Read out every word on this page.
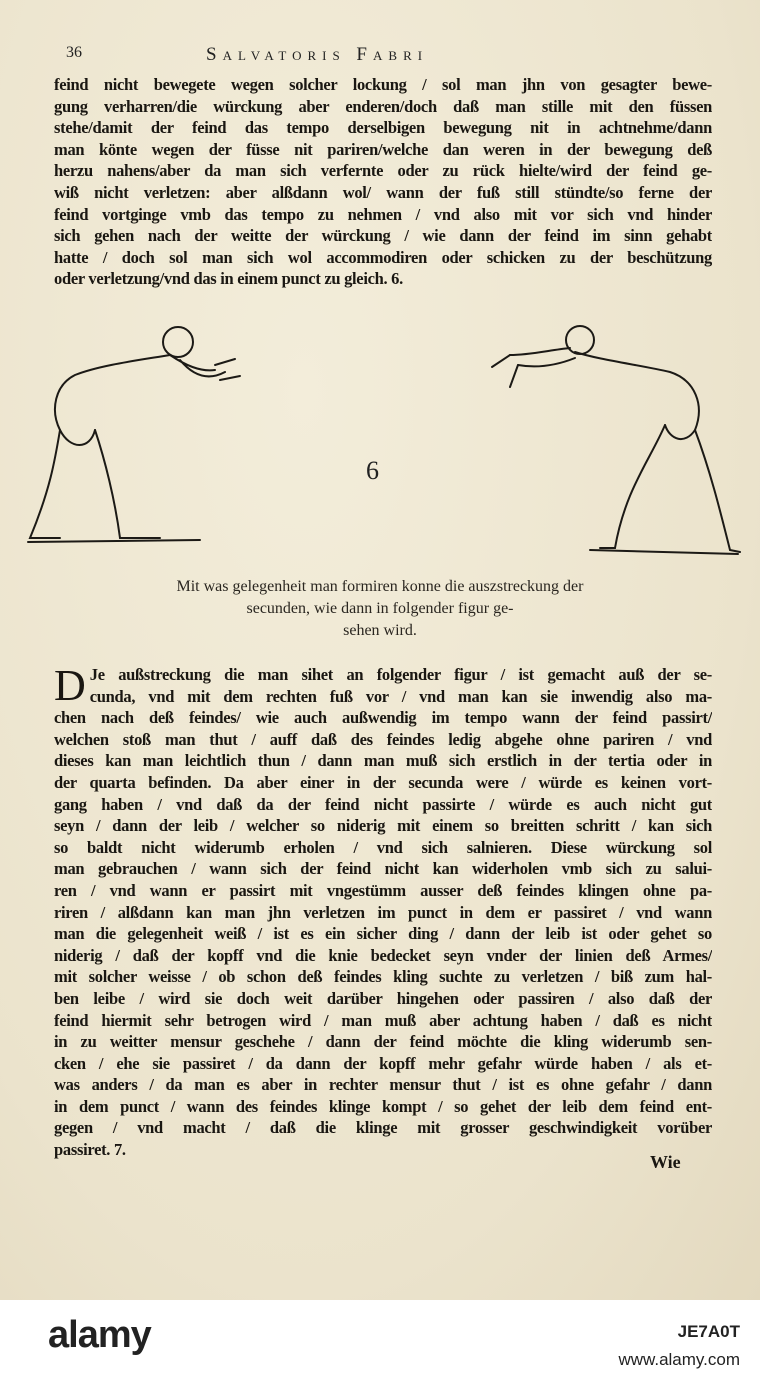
36	Salvatoris Fabri
feind nicht bewegete wegen solcher lockung / sol man jhn von gesagter bewe-
gung verharren/die würckung aber enderen/doch daß man stille mit den füssen
stehe/damit der feind das tempo derselbigen bewegung nit in achtnehme/dann
man könte wegen der füsse nit pariren/welche dan weren in der bewegung deß
herzu nahens/aber da man sich verfernte oder zu rück hielte/wird der feind ge-
wiß nicht verletzen: aber alßdann wol/ wann der fuß still stündte/so ferne der
feind vortginge vmb das tempo zu nehmen / vnd also mit vor sich vnd hinder
sich gehen nach der weitte der würckung / wie dann der feind im sinn gehabt
hatte / doch sol man sich wol accommodiren oder schicken zu der beschützung
oder verletzung/vnd das in einem punct zu gleich. 6.
6
Mit was gelegenheit man formiren konne die auszstreckung der
secunden, wie dann in folgender figur ge-
sehen wird.
D Je außstreckung die man sihet an folgender figur / ist gemacht auß der se-
cunda, vnd mit dem rechten fuß vor / vnd man kan sie inwendig also ma-
chen nach deß feindes/ wie auch außwendig im tempo wann der feind passirt/
welchen stoß man thut / auff daß des feindes ledig abgehe ohne pariren / vnd
dieses kan man leichtlich thun / dann man muß sich erstlich in der tertia oder in
der quarta befinden. Da aber einer in der secunda were / würde es keinen vort-
gang haben / vnd daß da der feind nicht passirte / würde es auch nicht gut
seyn / dann der leib / welcher so niderig mit einem so breitten schritt / kan sich
so baldt nicht widerumb erholen / vnd sich salnieren. Diese würckung sol
man gebrauchen / wann sich der feind nicht kan widerholen vmb sich zu salui-
ren / vnd wann er passirt mit vngestümm ausser deß feindes klingen ohne pa-
riren / alßdann kan man jhn verletzen im punct in dem er passiret / vnd wann
man die gelegenheit weiß / ist es ein sicher ding / dann der leib ist oder gehet so
niderig / daß der kopff vnd die knie bedecket seyn vnder der linien deß Armes/
mit solcher weisse / ob schon deß feindes kling suchte zu verletzen / biß zum hal-
ben leibe / wird sie doch weit darüber hingehen oder passiren / also daß der
feind hiermit sehr betrogen wird / man muß aber achtung haben / daß es nicht
in zu weitter mensur geschehe / dann der feind möchte die kling widerumb sen-
cken / ehe sie passiret / da dann der kopff mehr gefahr würde haben / als et-
was anders / da man es aber in rechter mensur thut / ist es ohne gefahr / dann
in dem punct / wann des feindes klinge kompt / so gehet der leib dem feind ent-
gegen / vnd macht / daß die klinge mit grosser geschwindigkeit vorüber
passiret. 7.
Wie
alamy	JE7A0T
www.alamy.com
